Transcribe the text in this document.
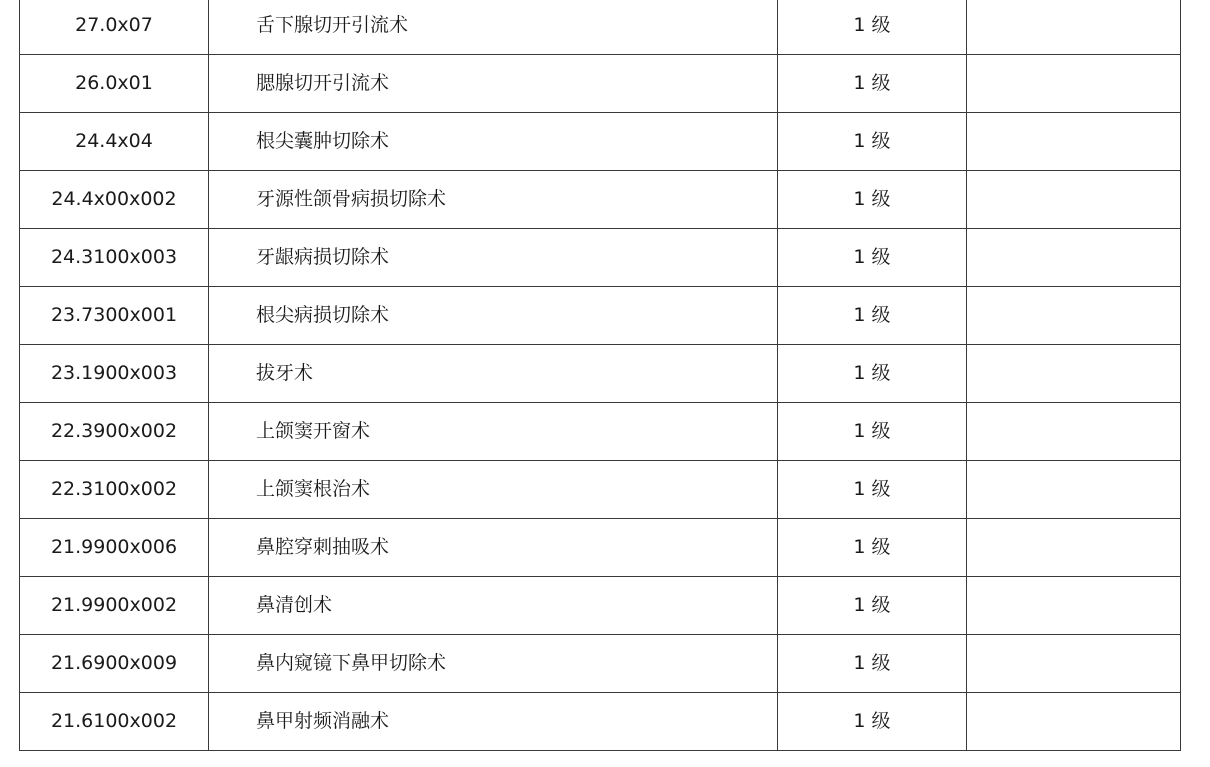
27.0x07	舌下腺切开引流术	1 级	
26.0x01	腮腺切开引流术	1 级	
24.4x04	根尖囊肿切除术	1 级	
24.4x00x002	牙源性颌骨病损切除术	1 级	
24.3100x003	牙龈病损切除术	1 级	
23.7300x001	根尖病损切除术	1 级	
23.1900x003	拔牙术	1 级	
22.3900x002	上颌窦开窗术	1 级	
22.3100x002	上颌窦根治术	1 级	
21.9900x006	鼻腔穿刺抽吸术	1 级	
21.9900x002	鼻清创术	1 级	
21.6900x009	鼻内窥镜下鼻甲切除术	1 级	
21.6100x002	鼻甲射频消融术	1 级	
